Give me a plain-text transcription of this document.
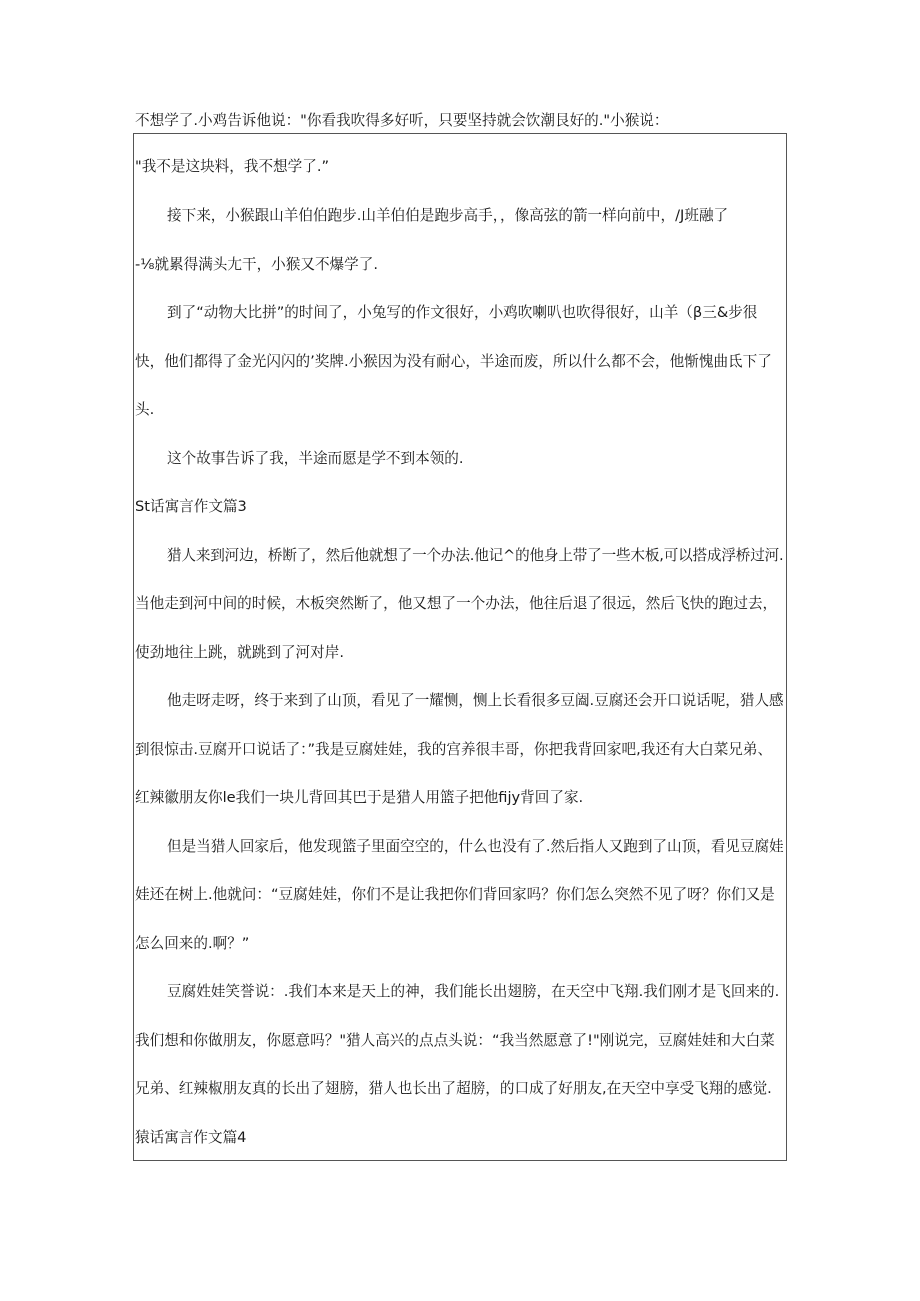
不想学了.小鸡告诉他说："你看我吹得多好听，只要坚持就会饮潮艮好的."小猴说：
"我不是这块料，我不想学了.”
接下来，小猴跟山羊伯伯跑步.山羊伯伯是跑步高手，，像高弦的箭一样向前中，/J班融了
-⅛就累得满头尢干，小猴又不爆学了.
到了“动物大比拼”的时间了，小兔写的作文很好，小鸡吹喇叭也吹得很好，山羊（β三&步很
快，他们都得了金光闪闪的’奖牌.小猴因为没有耐心，半途而废，所以什么都不会，他惭愧曲氐下了
头.
这个故事告诉了我，半途而愿是学不到本领的.
St话寓言作文篇3
猎人来到河边，桥断了，然后他就想了一个办法.他记^的他身上带了一些木板,可以搭成浮桥过河.
当他走到河中间的时候，木板突然断了，他又想了一个办法，他往后退了很远，然后飞快的跑过去，
使劲地往上跳，就跳到了河对岸.
他走呀走呀，终于来到了山顶，看见了一耀恻，恻上长看很多豆阖.豆腐还会开口说话呢，猎人感
到很惊击.豆腐开口说话了：”我是豆腐娃娃，我的宫养很丰哥，你把我背回家吧,我还有大白菜兄弟、
红辣徽朋友你le我们一块儿背回其巴于是猎人用篮子把他fijy背回了家.
但是当猎人回家后，他发现篮子里面空空的，什么也没有了.然后指人又跑到了山顶，看见豆腐娃
娃还在树上.他就问：“豆腐娃娃，你们不是让我把你们背回家吗？你们怎么突然不见了呀？你们又是
怎么回来的.啊？”
豆腐姓娃笑誉说：.我们本来是天上的神，我们能长出翅膀，在天空中飞翔.我们刚才是飞回来的.
我们想和你做朋友，你愿意吗？"猎人高兴的点点头说：“我当然愿意了!"刚说完，豆腐娃娃和大白菜
兄弟、红辣椒朋友真的长出了翅膀，猎人也长出了超膀，的口成了好朋友,在天空中享受飞翔的感觉.
猿话寓言作文篇4
